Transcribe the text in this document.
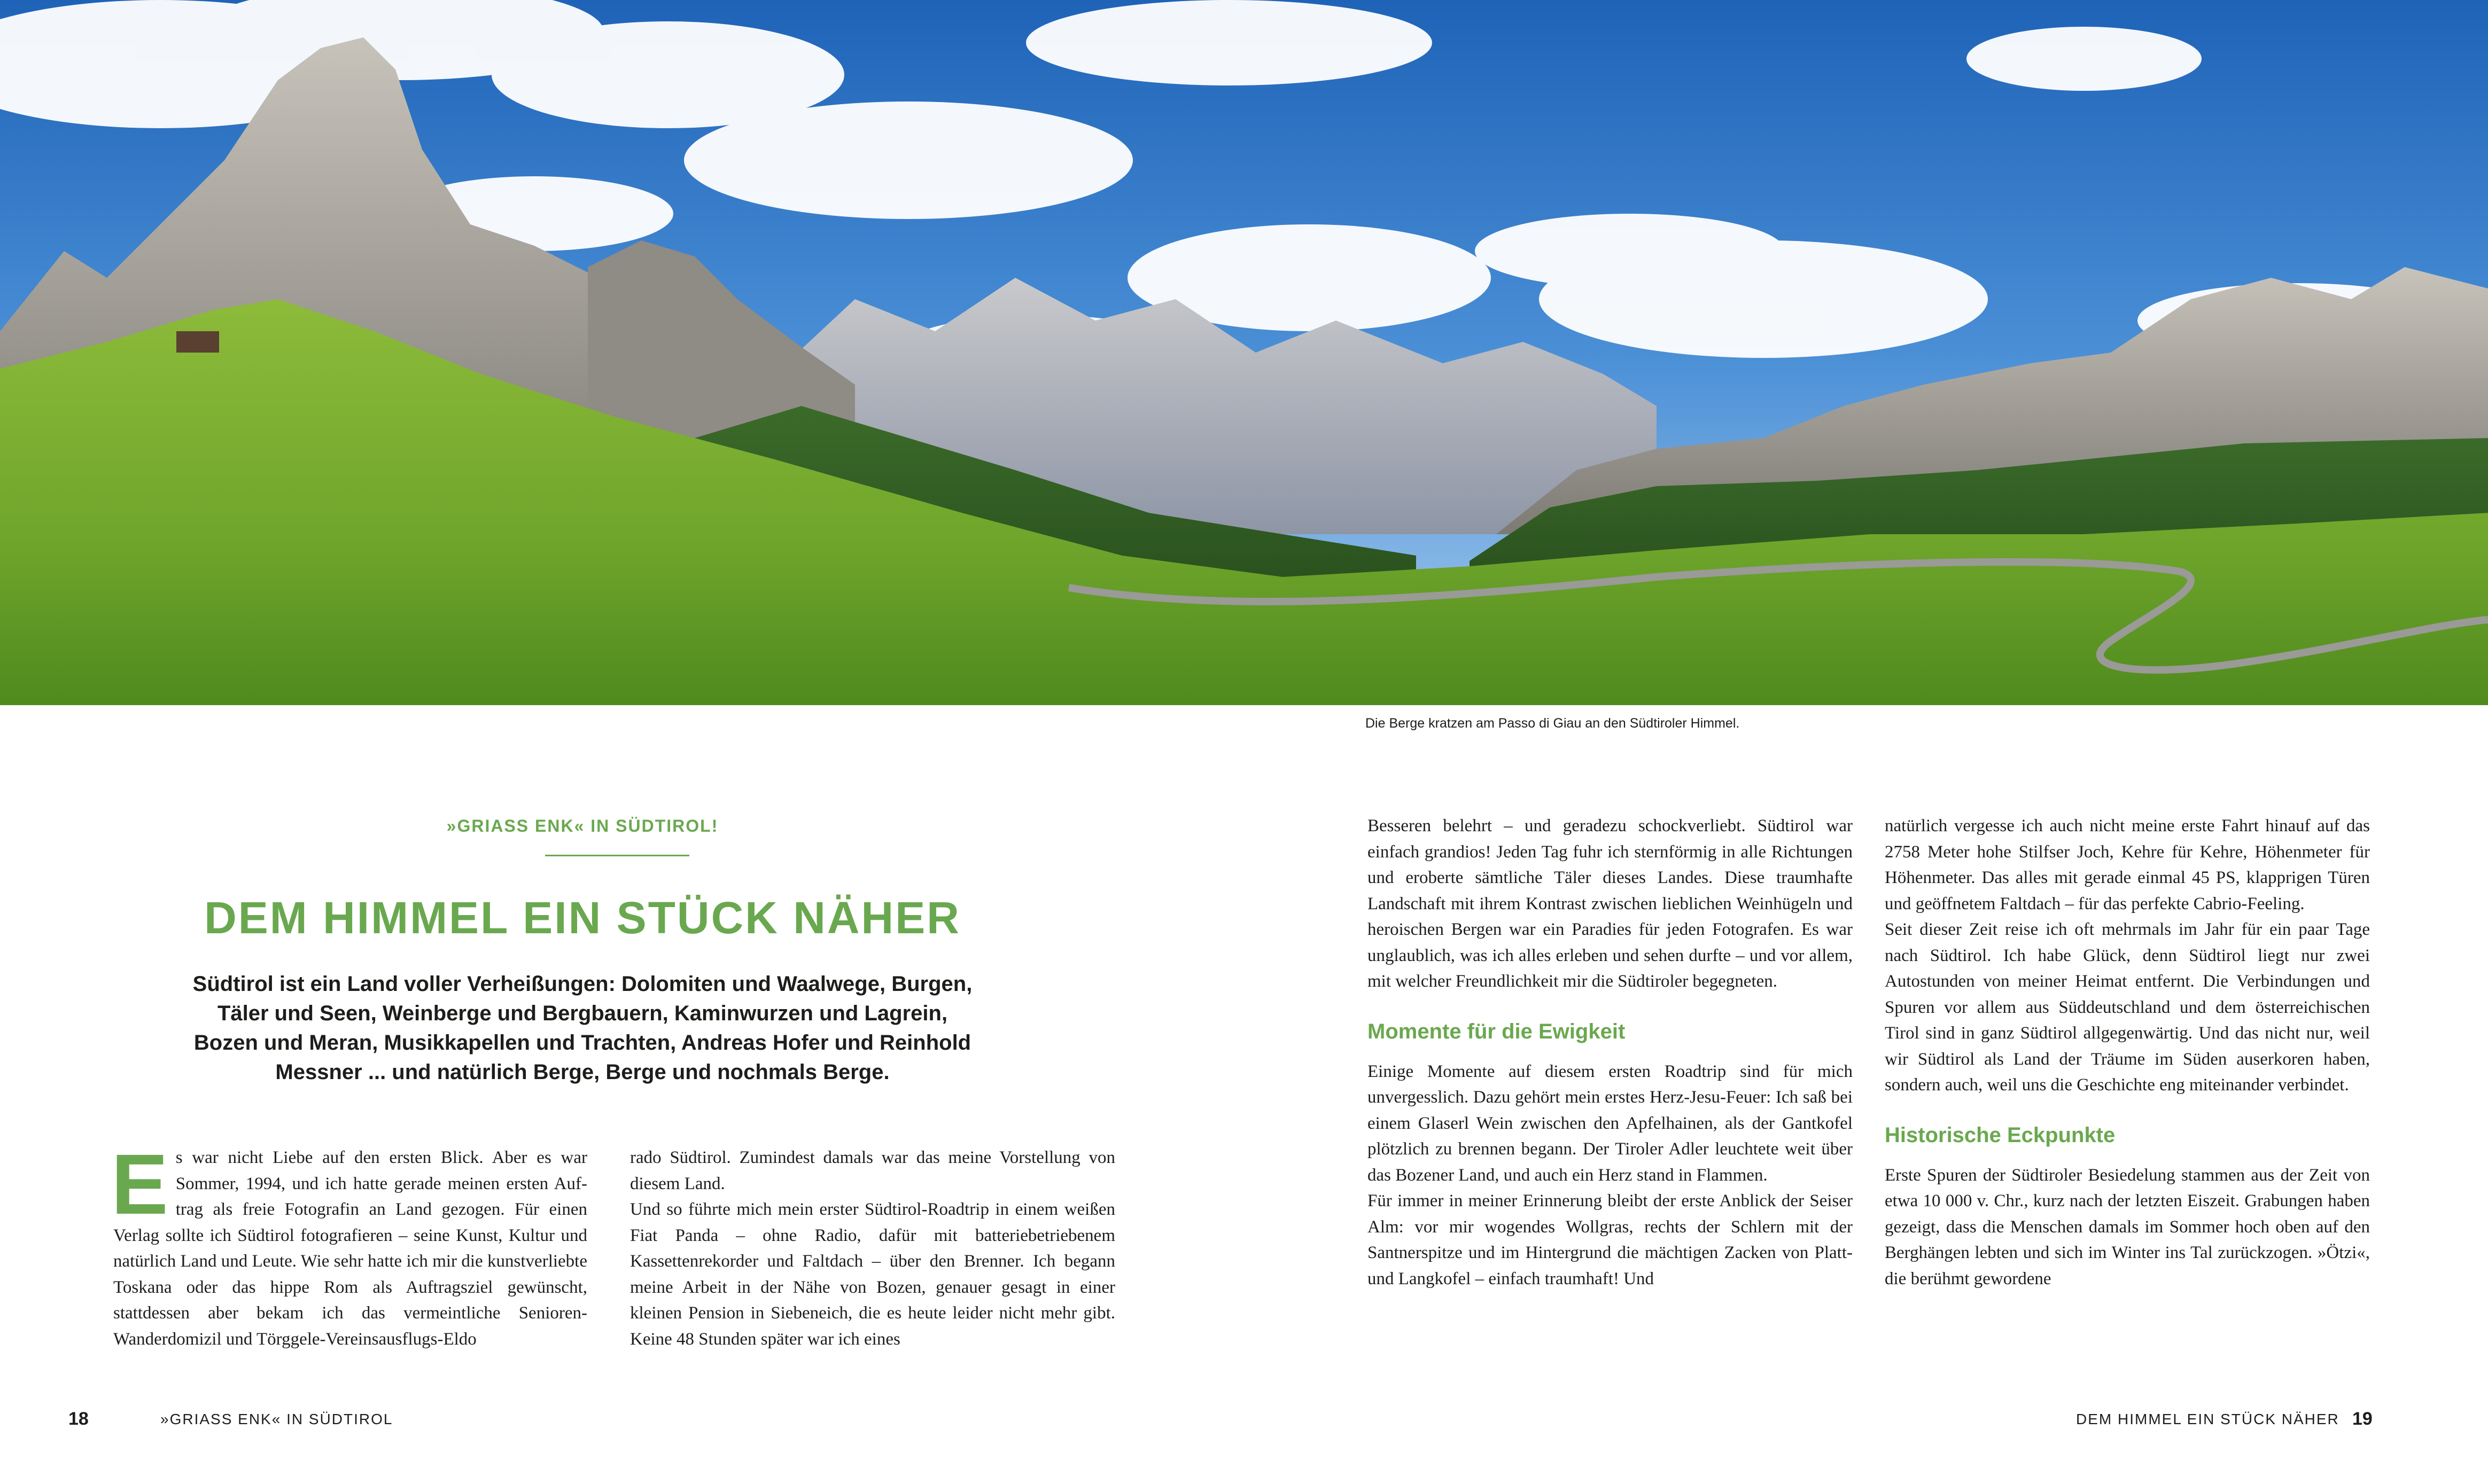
Die Berge kratzen am Passo di Giau an den Südtiroler Himmel.
»GRIASS ENK« IN SÜDTIROL!
DEM HIMMEL EIN STÜCK NÄHER
Südtirol ist ein Land voller Verheißungen: Dolomiten und Waalwege, Burgen, Täler und Seen, Weinberge und Bergbauern, Kaminwurzen und Lagrein, Bozen und Meran, Musikkapellen und Trachten, Andreas Hofer und Reinhold Messner ... und natürlich Berge, Berge und nochmals Berge.

Es war nicht Liebe auf den ersten Blick. Aber es war Sommer, 1994, und ich hatte gerade meinen ersten Auftrag als freie Fotografin an Land gezogen. Für einen Verlag sollte ich Südtirol fotografieren – seine Kunst, Kultur und natürlich Land und Leute. Wie sehr hatte ich mir die kunstverliebte Toskana oder das hippe Rom als Auftragsziel gewünscht, stattdessen aber bekam ich das vermeintliche Senioren-Wanderdomizil und Törggele-Vereinsausflugs-Eldo

rado Südtirol. Zumindest damals war das meine Vorstellung von diesem Land.

Und so führte mich mein erster Südtirol-Roadtrip in einem weißen Fiat Panda – ohne Radio, dafür mit batteriebetriebenem Kassettenrekorder und Faltdach – über den Brenner. Ich begann meine Arbeit in der Nähe von Bozen, genauer gesagt in einer kleinen Pension in Siebeneich, die es heute leider nicht mehr gibt. Keine 48 Stunden später war ich eines

Besseren belehrt – und geradezu schockverliebt. Südtirol war einfach grandios! Jeden Tag fuhr ich sternförmig in alle Richtungen und eroberte sämtliche Täler dieses Landes. Diese traumhafte Landschaft mit ihrem Kontrast zwischen lieblichen Weinhügeln und heroischen Bergen war ein Paradies für jeden Fotografen. Es war unglaublich, was ich alles erleben und sehen durfte – und vor allem, mit welcher Freundlichkeit mir die Südtiroler begegneten.

Momente für die Ewigkeit

Einige Momente auf diesem ersten Roadtrip sind für mich unvergesslich. Dazu gehört mein erstes Herz-Jesu-Feuer: Ich saß bei einem Glaserl Wein zwischen den Apfelhainen, als der Gantkofel plötzlich zu brennen begann. Der Tiroler Adler leuchtete weit über das Bozener Land, und auch ein Herz stand in Flammen.

Für immer in meiner Erinnerung bleibt der erste Anblick der Seiser Alm: vor mir wogendes Wollgras, rechts der Schlern mit der Santnerspitze und im Hintergrund die mächtigen Zacken von Platt- und Langkofel – einfach traumhaft! Und

natürlich vergesse ich auch nicht meine erste Fahrt hinauf auf das 2758 Meter hohe Stilfser Joch, Kehre für Kehre, Höhenmeter für Höhenmeter. Das alles mit gerade einmal 45 PS, klapprigen Türen und geöffnetem Faltdach – für das perfekte Cabrio-Feeling.

Seit dieser Zeit reise ich oft mehrmals im Jahr für ein paar Tage nach Südtirol. Ich habe Glück, denn Südtirol liegt nur zwei Autostunden von meiner Heimat entfernt. Die Verbindungen und Spuren vor allem aus Süddeutschland und dem österreichischen Tirol sind in ganz Südtirol allgegenwärtig. Und das nicht nur, weil wir Südtirol als Land der Träume im Süden auserkoren haben, sondern auch, weil uns die Geschichte eng miteinander verbindet.

Historische Eckpunkte

Erste Spuren der Südtiroler Besiedelung stammen aus der Zeit von etwa 10 000 v. Chr., kurz nach der letzten Eiszeit. Grabungen haben gezeigt, dass die Menschen damals im Sommer hoch oben auf den Berghängen lebten und sich im Winter ins Tal zurückzogen. »Ötzi«, die berühmt gewordene

18	»GRIASS ENK« IN SÜDTIROL	DEM HIMMEL EIN STÜCK NÄHER 19
